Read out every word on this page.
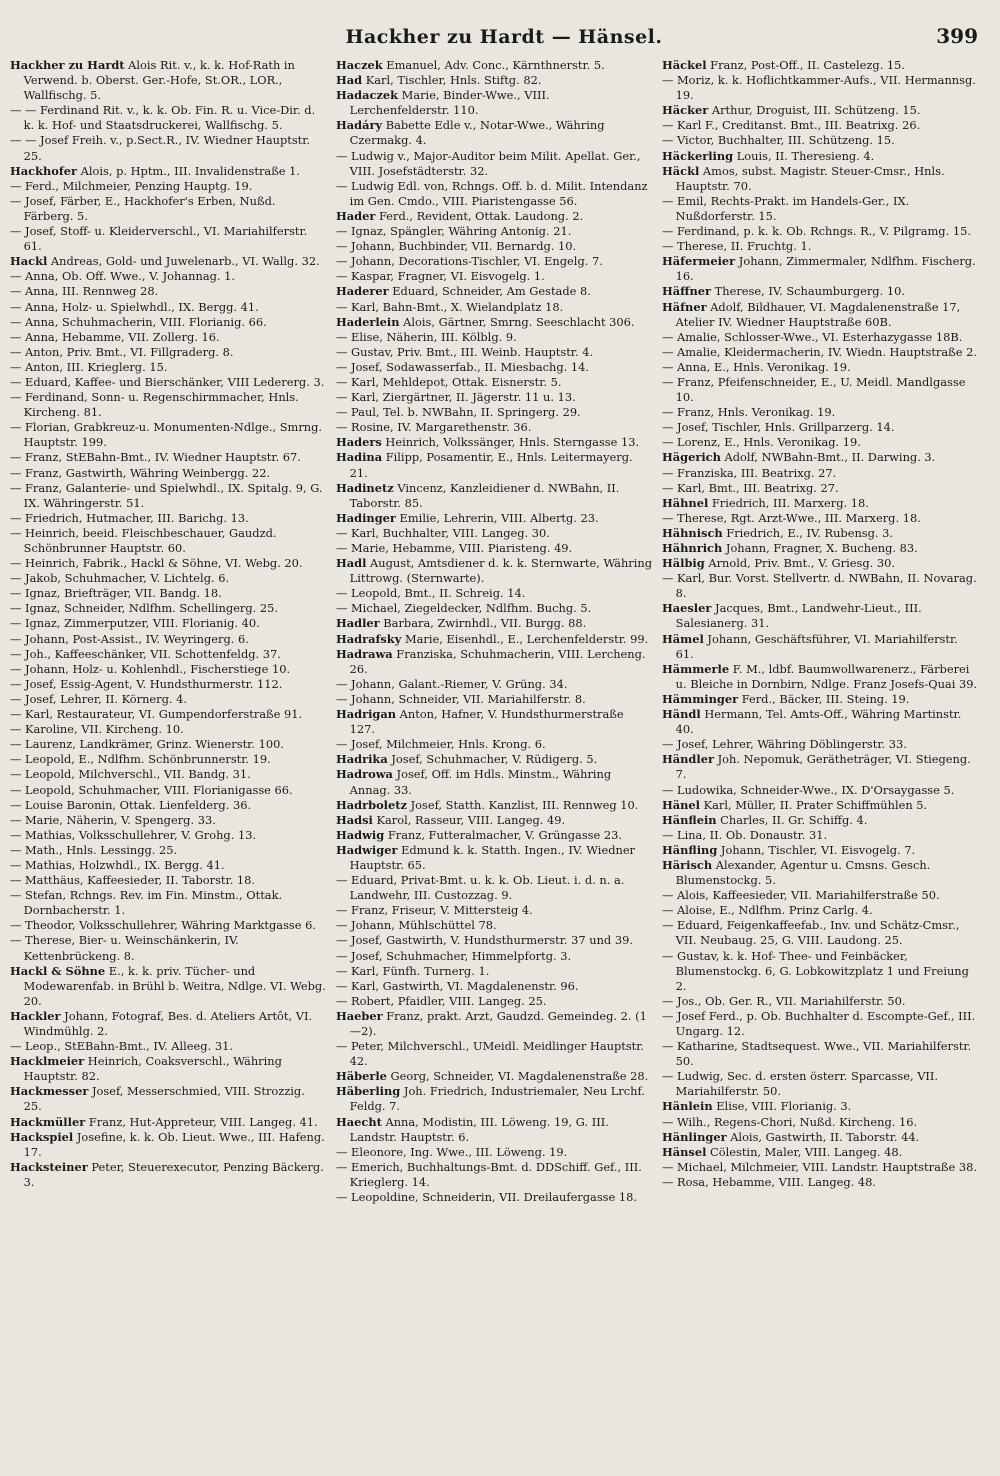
Hackher zu Hardt — Hänsel.	399

Hackher zu Hardt Alois Rit. v., k. k. Hof-Rath in Verwend. b. Oberst. Ger.-Hofe, St.OR., LOR., Wallfischg. 5.

— — Ferdinand Rit. v., k. k. Ob. Fin. R. u. Vice-Dir. d. k. k. Hof- und Staatsdruckerei, Wallfischg. 5.

— — Josef Freih. v., p.Sect.R., IV. Wiedner Hauptstr. 25.

Hackhofer Alois, p. Hptm., III. Invalidenstraße 1.

— Ferd., Milchmeier, Penzing Hauptg. 19.

— Josef, Färber, E., Hackhofer's Erben, Nußd. Färberg. 5.

— Josef, Stoff- u. Kleiderverschl., VI. Mariahilferstr. 61.

Hackl Andreas, Gold- und Juwelenarb., VI. Wallg. 32.

— Anna, Ob. Off. Wwe., V. Johannag. 1.

— Anna, III. Rennweg 28.

— Anna, Holz- u. Spielwhdl., IX. Bergg. 41.

— Anna, Schuhmacherin, VIII. Florianig. 66.

— Anna, Hebamme, VII. Zollerg. 16.

— Anton, Priv. Bmt., VI. Fillgraderg. 8.

— Anton, III. Krieglerg. 15.

— Eduard, Kaffee- und Bierschänker, VIII Ledererg. 3.

— Ferdinand, Sonn- u. Regenschirmmacher, Hnls. Kircheng. 81.

— Florian, Grabkreuz-u. Monumenten-Ndlge., Smrng. Hauptstr. 199.

— Franz, StEBahn-Bmt., IV. Wiedner Hauptstr. 67.

— Franz, Gastwirth, Währing Weinbergg. 22.

— Franz, Galanterie- und Spielwhdl., IX. Spitalg. 9, G. IX. Währingerstr. 51.

— Friedrich, Hutmacher, III. Barichg. 13.

— Heinrich, beeid. Fleischbeschauer, Gaudzd. Schönbrunner Hauptstr. 60.

— Heinrich, Fabrik., Hackl & Söhne, VI. Webg. 20.

— Jakob, Schuhmacher, V. Lichtelg. 6.

— Ignaz, Briefträger, VII. Bandg. 18.

— Ignaz, Schneider, Ndlfhm. Schellingerg. 25.

— Ignaz, Zimmerputzer, VIII. Florianig. 40.

— Johann, Post-Assist., IV. Weyringerg. 6.

— Joh., Kaffeeschänker, VII. Schottenfeldg. 37.

— Johann, Holz- u. Kohlenhdl., Fischerstiege 10.

— Josef, Essig-Agent, V. Hundsthurmerstr. 112.

— Josef, Lehrer, II. Körnerg. 4.

— Karl, Restaurateur, VI. Gumpendorferstraße 91.

— Karoline, VII. Kircheng. 10.

— Laurenz, Landkrämer, Grinz. Wienerstr. 100.

— Leopold, E., Ndlfhm. Schönbrunnerstr. 19.

— Leopold, Milchverschl., VII. Bandg. 31.

— Leopold, Schuhmacher, VIII. Florianigasse 66.

— Louise Baronin, Ottak. Lienfelderg. 36.

— Marie, Näherin, V. Spengerg. 33.

— Mathias, Volksschullehrer, V. Grohg. 13.

— Math., Hnls. Lessingg. 25.

— Mathias, Holzwhdl., IX. Bergg. 41.

— Matthäus, Kaffeesieder, II. Taborstr. 18.

— Stefan, Rchngs. Rev. im Fin. Minstm., Ottak. Dornbacherstr. 1.

— Theodor, Volksschullehrer, Währing Marktgasse 6.

— Therese, Bier- u. Weinschänkerin, IV. Kettenbrückeng. 8.

Hackl & Söhne E., k. k. priv. Tücher- und Modewarenfab. in Brühl b. Weitra, Ndlge. VI. Webg. 20.

Hackler Johann, Fotograf, Bes. d. Ateliers Artôt, VI. Windmühlg. 2.

— Leop., StEBahn-Bmt., IV. Alleeg. 31.

Hacklmeier Heinrich, Coaksverschl., Währing Hauptstr. 82.

Hackmesser Josef, Messerschmied, VIII. Strozzig. 25.

Hackmüller Franz, Hut-Appreteur, VIII. Langeg. 41.

Hackspiel Josefine, k. k. Ob. Lieut. Wwe., III. Hafeng. 17.

Hacksteiner Peter, Steuerexecutor, Penzing Bäckerg. 3.

Haczek Emanuel, Adv. Conc., Kärnthnerstr. 5.

Had Karl, Tischler, Hnls. Stiftg. 82.

Hadaczek Marie, Binder-Wwe., VIII. Lerchenfelderstr. 110.

Hadáry Babette Edle v., Notar-Wwe., Währing Czermakg. 4.

— Ludwig v., Major-Auditor beim Milit. Apellat. Ger., VIII. Josefstädterstr. 32.

— Ludwig Edl. von, Rchngs. Off. b. d. Milit. Intendanz im Gen. Cmdo., VIII. Piaristengasse 56.

Hader Ferd., Revident, Ottak. Laudong. 2.

— Ignaz, Spängler, Währing Antonig. 21.

— Johann, Buchbinder, VII. Bernardg. 10.

— Johann, Decorations-Tischler, VI. Engelg. 7.

— Kaspar, Fragner, VI. Eisvogelg. 1.

Haderer Eduard, Schneider, Am Gestade 8.

— Karl, Bahn-Bmt., X. Wielandplatz 18.

Haderlein Alois, Gärtner, Smrng. Seeschlacht 306.

— Elise, Näherin, III. Kölblg. 9.

— Gustav, Priv. Bmt., III. Weinb. Hauptstr. 4.

— Josef, Sodawasserfab., II. Miesbachg. 14.

— Karl, Mehldepot, Ottak. Eisnerstr. 5.

— Karl, Ziergärtner, II. Jägerstr. 11 u. 13.

— Paul, Tel. b. NWBahn, II. Springerg. 29.

— Rosine, IV. Margarethenstr. 36.

Haders Heinrich, Volkssänger, Hnls. Sterngasse 13.

Hadina Filipp, Posamentir, E., Hnls. Leitermayerg. 21.

Hadinetz Vincenz, Kanzleidiener d. NWBahn, II. Taborstr. 85.

Hadinger Emilie, Lehrerin, VIII. Albertg. 23.

— Karl, Buchhalter, VIII. Langeg. 30.

— Marie, Hebamme, VIII. Piaristeng. 49.

Hadl August, Amtsdiener d. k. k. Sternwarte, Währing Littrowg. (Sternwarte).

— Leopold, Bmt., II. Schreig. 14.

— Michael, Ziegeldecker, Ndlfhm. Buchg. 5.

Hadler Barbara, Zwirnhdl., VII. Burgg. 88.

Hadrafsky Marie, Eisenhdl., E., Lerchenfelderstr. 99.

Hadrawa Franziska, Schuhmacherin, VIII. Lercheng. 26.

— Johann, Galant.-Riemer, V. Grüng. 34.

— Johann, Schneider, VII. Mariahilferstr. 8.

Hadrigan Anton, Hafner, V. Hundsthurmerstraße 127.

— Josef, Milchmeier, Hnls. Krong. 6.

Hadrika Josef, Schuhmacher, V. Rüdigerg. 5.

Hadrowa Josef, Off. im Hdls. Minstm., Währing Annag. 33.

Hadrboletz Josef, Statth. Kanzlist, III. Rennweg 10.

Hadsi Karol, Rasseur, VIII. Langeg. 49.

Hadwig Franz, Futteralmacher, V. Grüngasse 23.

Hadwiger Edmund k. k. Statth. Ingen., IV. Wiedner Hauptstr. 65.

— Eduard, Privat-Bmt. u. k. k. Ob. Lieut. i. d. n. a. Landwehr, III. Custozzag. 9.

— Franz, Friseur, V. Mittersteig 4.

— Johann, Mühlschüttel 78.

— Josef, Gastwirth, V. Hundsthurmerstr. 37 und 39.

— Josef, Schuhmacher, Himmelpfortg. 3.

— Karl, Fünfh. Turnerg. 1.

— Karl, Gastwirth, VI. Magdalenenstr. 96.

— Robert, Pfaidler, VIII. Langeg. 25.

Haeber Franz, prakt. Arzt, Gaudzd. Gemeindeg. 2. (1—2).

— Peter, Milchverschl., UMeidl. Meidlinger Hauptstr. 42.

Häberle Georg, Schneider, VI. Magdalenenstraße 28.

Häberling Joh. Friedrich, Industriemaler, Neu Lrchf. Feldg. 7.

Haecht Anna, Modistin, III. Löweng. 19, G. III. Landstr. Hauptstr. 6.

— Eleonore, Ing. Wwe., III. Löweng. 19.

— Emerich, Buchhaltungs-Bmt. d. DDSchiff. Gef., III. Kriеglerg. 14.

— Leopoldine, Schneiderin, VII. Dreilaufergasse 18.

Häckel Franz, Post-Off., II. Castelezg. 15.

— Moriz, k. k. Hoflichtkammer-Aufs., VII. Hermannsg. 19.

Häcker Arthur, Droguist, III. Schützeng. 15.

— Karl F., Creditanst. Bmt., III. Beatrixg. 26.

— Victor, Buchhalter, III. Schützeng. 15.

Häckerling Louis, II. Theresieng. 4.

Häckl Amos, subst. Magistr. Steuer-Cmsr., Hnls. Hauptstr. 70.

— Emil, Rechts-Prakt. im Handels-Ger., IX. Nußdorferstr. 15.

— Ferdinand, p. k. k. Ob. Rchngs. R., V. Pilgramg. 15.

— Therese, II. Fruchtg. 1.

Häfermeier Johann, Zimmermaler, Ndlfhm. Fischerg. 16.

Häffner Therese, IV. Schaumburgerg. 10.

Häfner Adolf, Bildhauer, VI. Magdalenenstraße 17, Atelier IV. Wiedner Hauptstraße 60B.

— Amalie, Schlosser-Wwe., VI. Esterhazygasse 18B.

— Amalie, Kleidermacherin, IV. Wiedn. Hauptstraße 2.

— Anna, E., Hnls. Veronikag. 19.

— Franz, Pfeifenschneider, E., U. Meidl. Mandlgasse 10.

— Franz, Hnls. Veronikag. 19.

— Josef, Tischler, Hnls. Grillparzerg. 14.

— Lorenz, E., Hnls. Veronikag. 19.

Hägerich Adolf, NWBahn-Bmt., II. Darwing. 3.

— Franziska, III. Beatrixg. 27.

— Karl, Bmt., III. Beatrixg. 27.

Hähnel Friedrich, III. Marxerg. 18.

— Therese, Rgt. Arzt-Wwe., III. Marxerg. 18.

Hähnisch Friedrich, E., IV. Rubensg. 3.

Hähnrich Johann, Fragner, X. Bucheng. 83.

Hälbig Arnold, Priv. Bmt., V. Griesg. 30.

— Karl, Bur. Vorst. Stellvertr. d. NWBahn, II. Novarag. 8.

Haesler Jacques, Bmt., Landwehr-Lieut., III. Salesianerg. 31.

Hämel Johann, Geschäftsführer, VI. Mariahilferstr. 61.

Hämmerle F. M., ldbf. Baumwollwarenerz., Färberei u. Bleiche in Dornbirn, Ndlge. Franz Josefs-Quai 39.

Hämminger Ferd., Bäcker, III. Steing. 19.

Händl Hermann, Tel. Amts-Off., Währing Martinstr. 40.

— Josef, Lehrer, Währing Döblingerstr. 33.

Händler Joh. Nepomuk, Gerätheträger, VI. Stiegeng. 7.

— Ludowika, Schneider-Wwe., IX. D'Orsaygasse 5.

Hänel Karl, Müller, II. Prater Schiffmühlen 5.

Hänflein Charles, II. Gr. Schiffg. 4.

— Lina, II. Ob. Donaustr. 31.

Hänfling Johann, Tischler, VI. Eisvogelg. 7.

Härisch Alexander, Agentur u. Cmsns. Gesch. Blumenstockg. 5.

— Alois, Kaffeesieder, VII. Mariahilferstraße 50.

— Aloise, E., Ndlfhm. Prinz Carlg. 4.

— Eduard, Feigenkaffeefab., Inv. und Schätz-Cmsr., VII. Neubaug. 25, G. VIII. Laudong. 25.

— Gustav, k. k. Hof- Thee- und Feinbäcker, Blumenstockg. 6, G. Lobkowitzplatz 1 und Freiung 2.

— Jos., Ob. Ger. R., VII. Mariahilferstr. 50.

— Josef Ferd., p. Ob. Buchhalter d. Escompte-Gef., III. Ungarg. 12.

— Katharine, Stadtsequest. Wwe., VII. Mariahilferstr. 50.

— Ludwig, Sec. d. ersten österr. Sparcasse, VII. Mariahilferstr. 50.

Hänlein Elise, VIII. Florianig. 3.

— Wilh., Regens-Chori, Nußd. Kircheng. 16.

Hänlinger Alois, Gastwirth, II. Taborstr. 44.

Hänsel Cölestin, Maler, VIII. Langeg. 48.

— Michael, Milchmeier, VIII. Landstr. Hauptstraße 38.

— Rosa, Hebamme, VIII. Langeg. 48.
